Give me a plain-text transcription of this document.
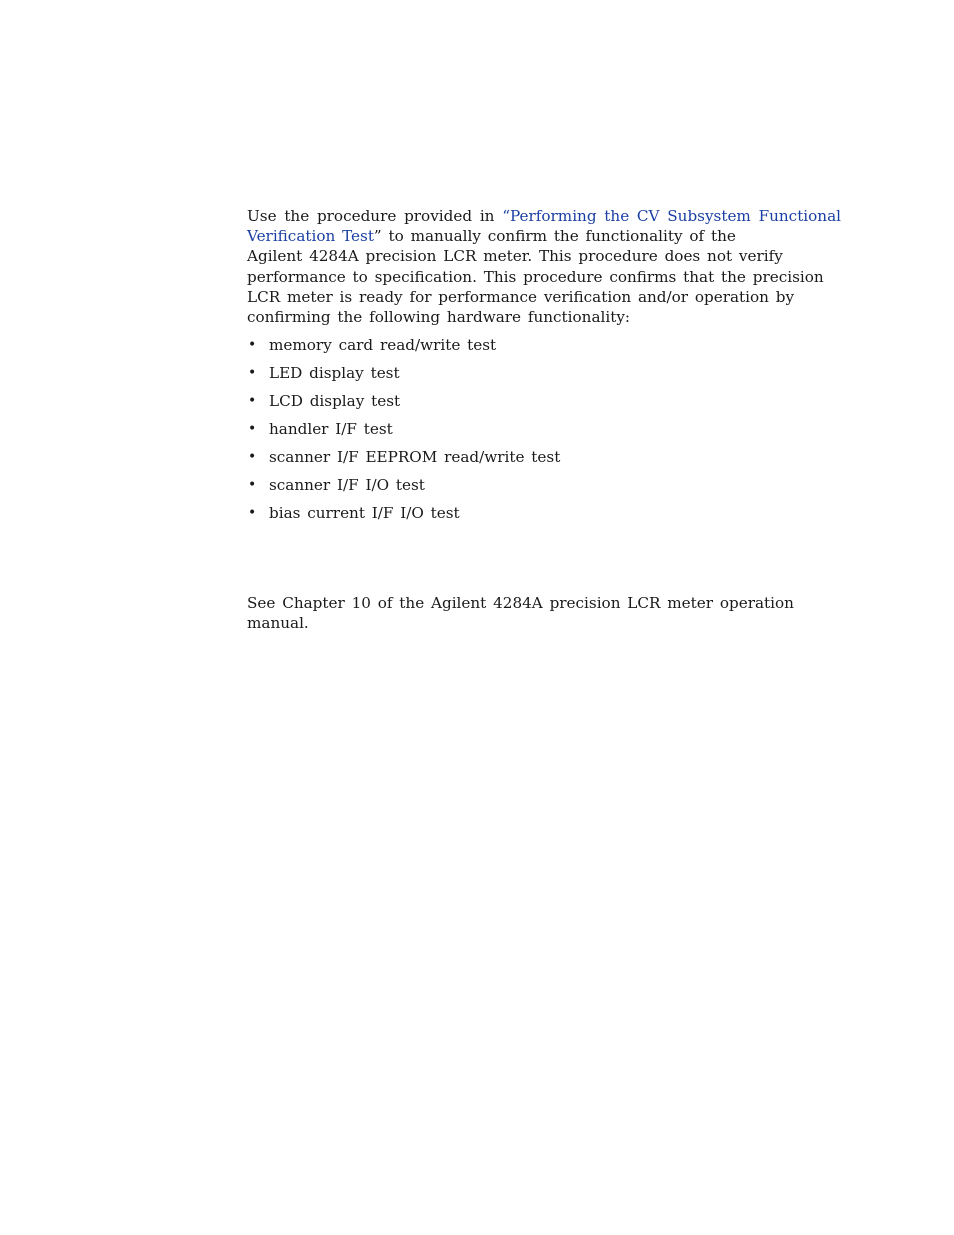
Use the procedure provided in “Performing the CV Subsystem Functional
Verification Test” to manually confirm the functionality of the
Agilent 4284A precision LCR meter. This procedure does not verify
performance to specification. This procedure confirms that the precision
LCR meter is ready for performance verification and/or operation by
confirming the following hardware functionality:

• memory card read/write test
• LED display test
• LCD display test
• handler I/F test
• scanner I/F EEPROM read/write test
• scanner I/F I/O test
• bias current I/F I/O test

See Chapter 10 of the Agilent 4284A precision LCR meter operation
manual.
